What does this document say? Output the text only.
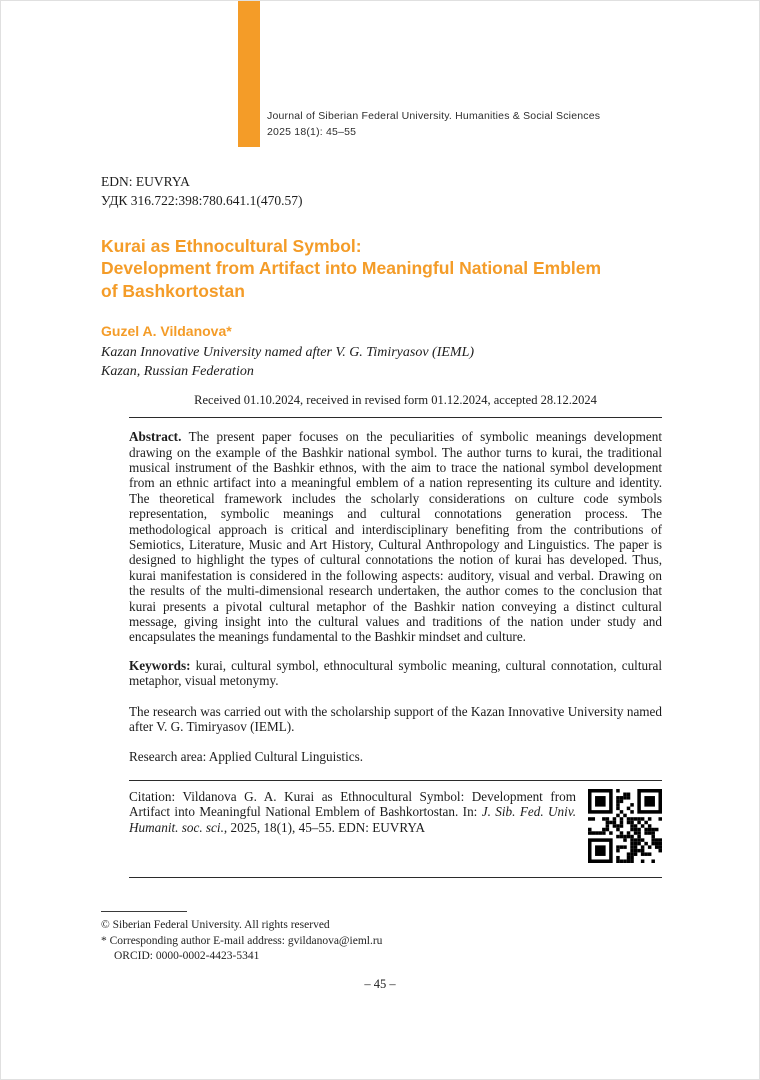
Journal of Siberian Federal University. Humanities & Social Sciences
2025 18(1): 45–55
EDN: EUVRYA
УДК 316.722:398:780.641.1(470.57)
Kurai as Ethnocultural Symbol:
Development from Artifact into Meaningful National Emblem
of Bashkortostan
Guzel A. Vildanova*
Kazan Innovative University named after V. G. Timiryasov (IEML)
Kazan, Russian Federation
Received 01.10.2024, received in revised form 01.12.2024, accepted 28.12.2024

Abstract. The present paper focuses on the peculiarities of symbolic meanings development drawing on the example of the Bashkir national symbol. The author turns to kurai, the traditional musical instrument of the Bashkir ethnos, with the aim to trace the national symbol development from an ethnic artifact into a meaningful emblem of a nation representing its culture and identity. The theoretical framework includes the scholarly considerations on culture code symbols representation, symbolic meanings and cultural connotations generation process. The methodological approach is critical and interdisciplinary benefiting from the contributions of Semiotics, Literature, Music and Art History, Cultural Anthropology and Linguistics. The paper is designed to highlight the types of cultural connotations the notion of kurai has developed. Thus, kurai manifestation is considered in the following aspects: auditory, visual and verbal. Drawing on the results of the multi-dimensional research undertaken, the author comes to the conclusion that kurai presents a pivotal cultural metaphor of the Bashkir nation conveying a distinct cultural message, giving insight into the cultural values and traditions of the nation under study and encapsulates the meanings fundamental to the Bashkir mindset and culture.

Keywords: kurai, cultural symbol, ethnocultural symbolic meaning, cultural connotation, cultural metaphor, visual metonymy.

The research was carried out with the scholarship support of the Kazan Innovative University named after V. G. Timiryasov (IEML).

Research area: Applied Cultural Linguistics.

Citation: Vildanova G. A. Kurai as Ethnocultural Symbol: Development from Artifact into Meaningful National Emblem of Bashkortostan. In: J. Sib. Fed. Univ. Humanit. soc. sci., 2025, 18(1), 45–55. EDN: EUVRYA

© Siberian Federal University. All rights reserved
* Corresponding author E-mail address: gvildanova@ieml.ru
ORCID: 0000-0002-4423-5341
– 45 –
